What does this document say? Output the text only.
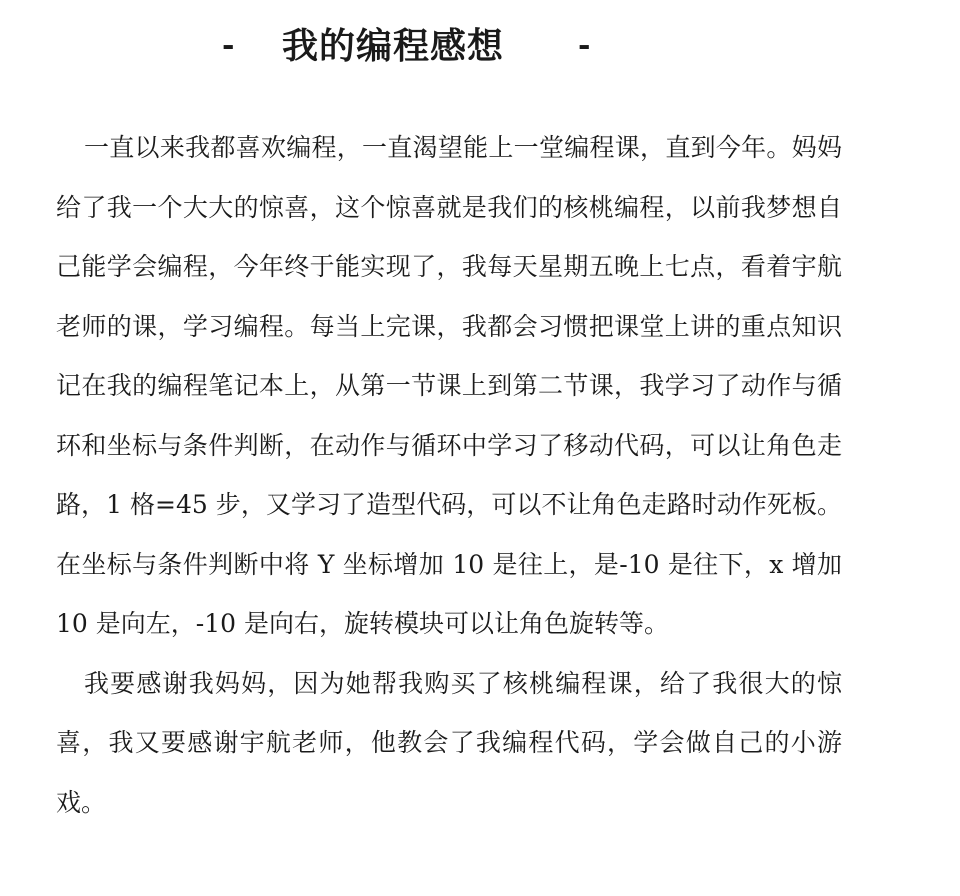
- 我的编程感想 -

一直以来我都喜欢编程，一直渴望能上一堂编程课，直到今年。妈妈给了我一个大大的惊喜，这个惊喜就是我们的核桃编程，以前我梦想自己能学会编程，今年终于能实现了，我每天星期五晚上七点，看着宇航老师的课，学习编程。每当上完课，我都会习惯把课堂上讲的重点知识记在我的编程笔记本上，从第一节课上到第二节课，我学习了动作与循环和坐标与条件判断，在动作与循环中学习了移动代码，可以让角色走路，1 格=45 步，又学习了造型代码，可以不让角色走路时动作死板。在坐标与条件判断中将 Y 坐标增加 10 是往上，是-10 是往下，x 增加 10 是向左，-10 是向右，旋转模块可以让角色旋转等。

我要感谢我妈妈，因为她帮我购买了核桃编程课，给了我很大的惊喜，我又要感谢宇航老师，他教会了我编程代码，学会做自己的小游戏。
